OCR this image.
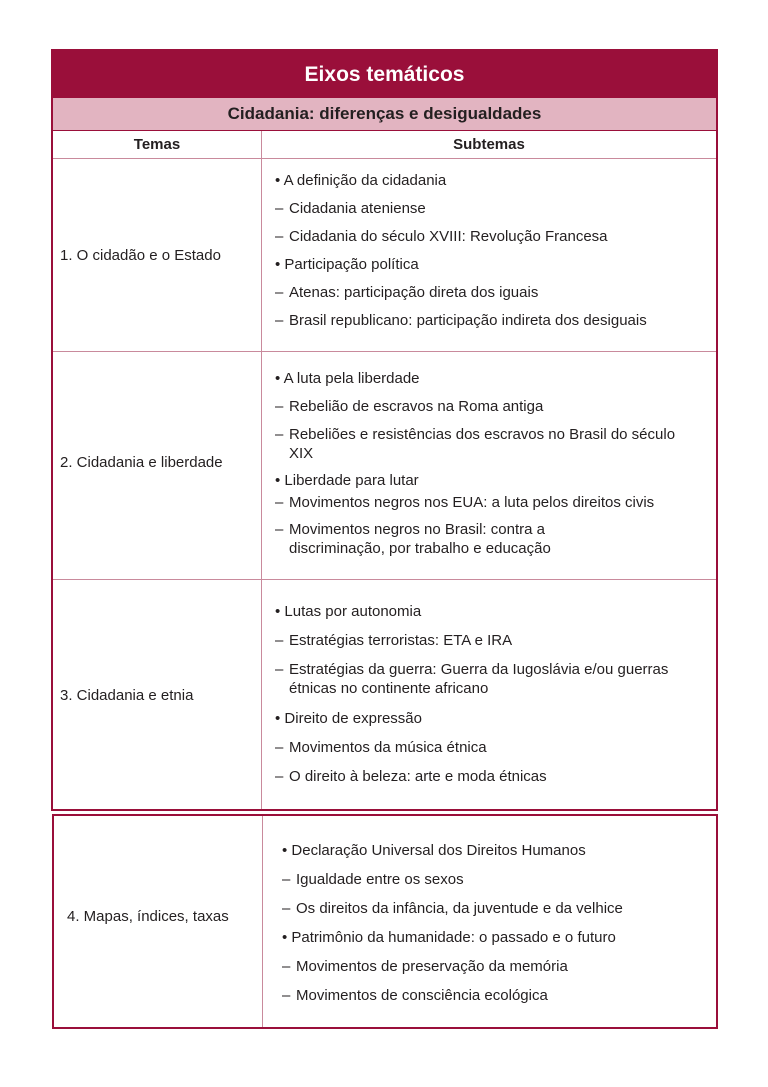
Eixos temáticos
Cidadania: diferenças e desigualdades
Temas	Subtemas
1. O cidadão e o Estado
• A definição da cidadania
– Cidadania ateniense
– Cidadania do século XVIII: Revolução Francesa
• Participação política
– Atenas: participação direta dos iguais
– Brasil republicano: participação indireta dos desiguais
2. Cidadania e liberdade
• A luta pela liberdade
– Rebelião de escravos na Roma antiga
– Rebeliões e resistências dos escravos no Brasil do século XIX
• Liberdade para lutar
– Movimentos negros nos EUA: a luta pelos direitos civis
– Movimentos negros no Brasil: contra a discriminação, por trabalho e educação
3. Cidadania e etnia
• Lutas por autonomia
– Estratégias terroristas: ETA e IRA
– Estratégias da guerra: Guerra da Iugoslávia e/ou guerras étnicas no continente africano
• Direito de expressão
– Movimentos da música étnica
– O direito à beleza: arte e moda étnicas
4. Mapas, índices, taxas
• Declaração Universal dos Direitos Humanos
– Igualdade entre os sexos
– Os direitos da infância, da juventude e da velhice
• Patrimônio da humanidade: o passado e o futuro
– Movimentos de preservação da memória
– Movimentos de consciência ecológica
